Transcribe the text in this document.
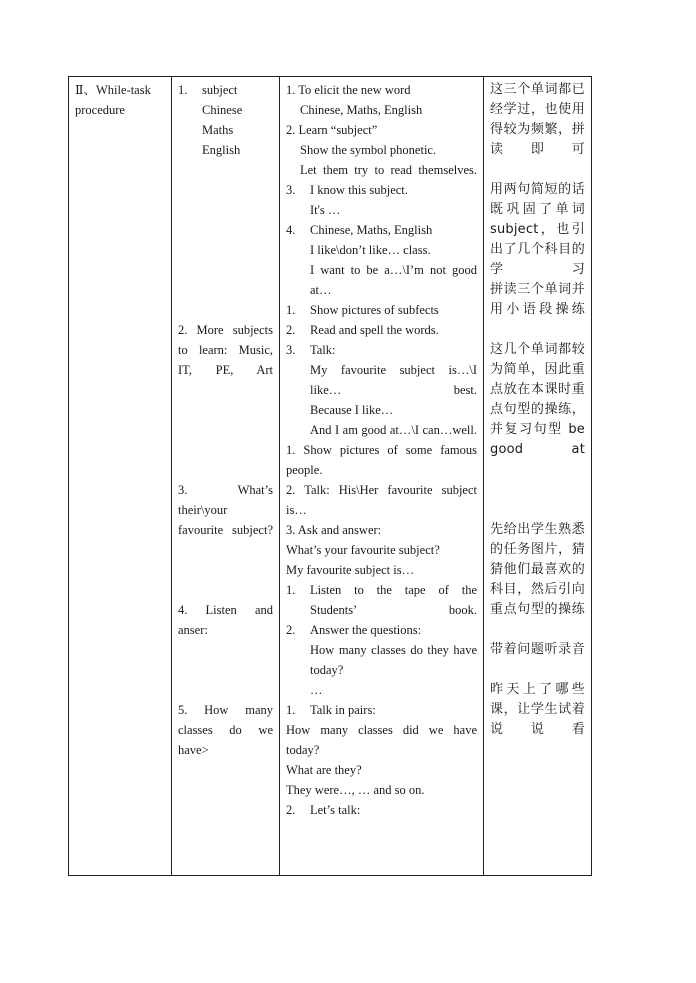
Ⅱ、While-task procedure

1. subject
Chinese
Maths
English
2. More subjects to learn: Music, IT, PE, Art
3. What’s their\your favourite subject?
4. Listen and anser:
5. How many classes do we have>

1. To elicit the new word
Chinese, Maths, English
2. Learn “subject”
Show the symbol phonetic.
Let them try to read themselves.
3. I know this subject.
It's …
4. Chinese, Maths, English
I like\don’t like… class.
I want to be a…\I’m not good at…
1. Show pictures of subfects
2. Read and spell the words.
3. Talk:
My favourite subject is…\I like… best.
Because I like…
And I am good at…\I can…well.
1. Show pictures of some famous people.
2. Talk: His\Her favourite subject is…
3. Ask and answer:
What’s your favourite subject?
My favourite subject is…
1.	Listen to the tape of the Students’ book.
2. Answer the questions:
How many classes do they have today?
…
1. Talk in pairs:
How many classes did we have today?
What are they?
They were…, … and so on.
2. Let’s talk:

这三个单词都已经学过，也使用得较为频繁，拼读即可
用两句简短的话既巩固了单词subject，也引出了几个科目的学习
拼读三个单词并用小语段操练
这几个单词都较为简单，因此重点放在本课时重点句型的操练，并复习句型 be good at
先给出学生熟悉的任务图片，猜猜他们最喜欢的科目，然后引向重点句型的操练
带着问题听录音
昨天上了哪些课，让学生试着说说看
